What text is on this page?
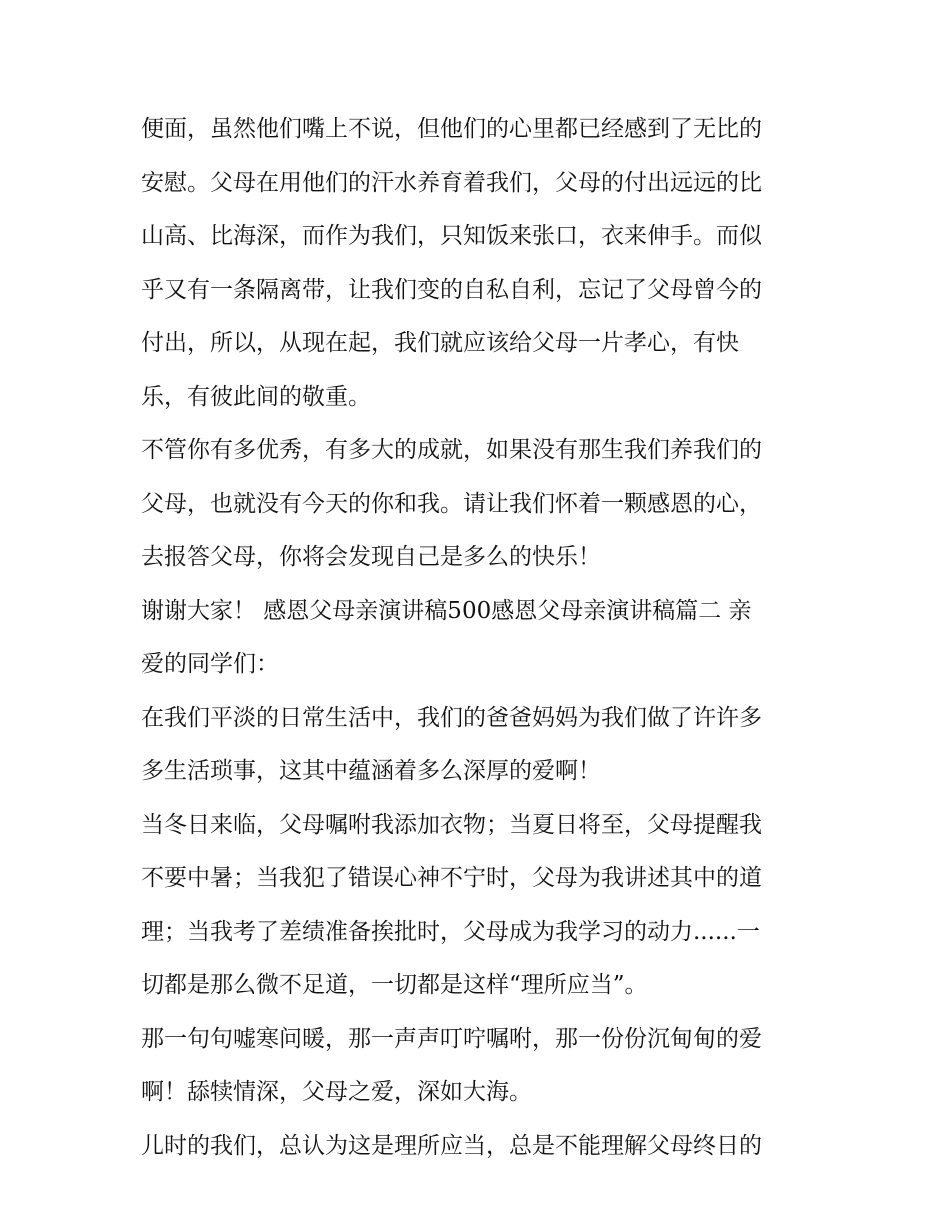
便面，虽然他们嘴上不说，但他们的心里都已经感到了无比的
安慰。父母在用他们的汗水养育着我们，父母的付出远远的比
山高、比海深，而作为我们，只知饭来张口，衣来伸手。而似
乎又有一条隔离带，让我们变的自私自利，忘记了父母曾今的
付出，所以，从现在起，我们就应该给父母一片孝心，有快
乐，有彼此间的敬重。

不管你有多优秀，有多大的成就，如果没有那生我们养我们的
父母，也就没有今天的你和我。请让我们怀着一颗感恩的心，
去报答父母，你将会发现自己是多么的快乐！

谢谢大家！ 感恩父母亲演讲稿500感恩父母亲演讲稿篇二 亲
爱的同学们：

在我们平淡的日常生活中，我们的爸爸妈妈为我们做了许许多
多生活琐事，这其中蕴涵着多么深厚的爱啊！

当冬日来临，父母嘱咐我添加衣物；当夏日将至，父母提醒我
不要中暑；当我犯了错误心神不宁时，父母为我讲述其中的道
理；当我考了差绩准备挨批时，父母成为我学习的动力......一
切都是那么微不足道，一切都是这样“理所应当”。

那一句句嘘寒问暖，那一声声叮咛嘱咐，那一份份沉甸甸的爱
啊！舔犊情深，父母之爱，深如大海。

儿时的我们，总认为这是理所应当，总是不能理解父母终日的
